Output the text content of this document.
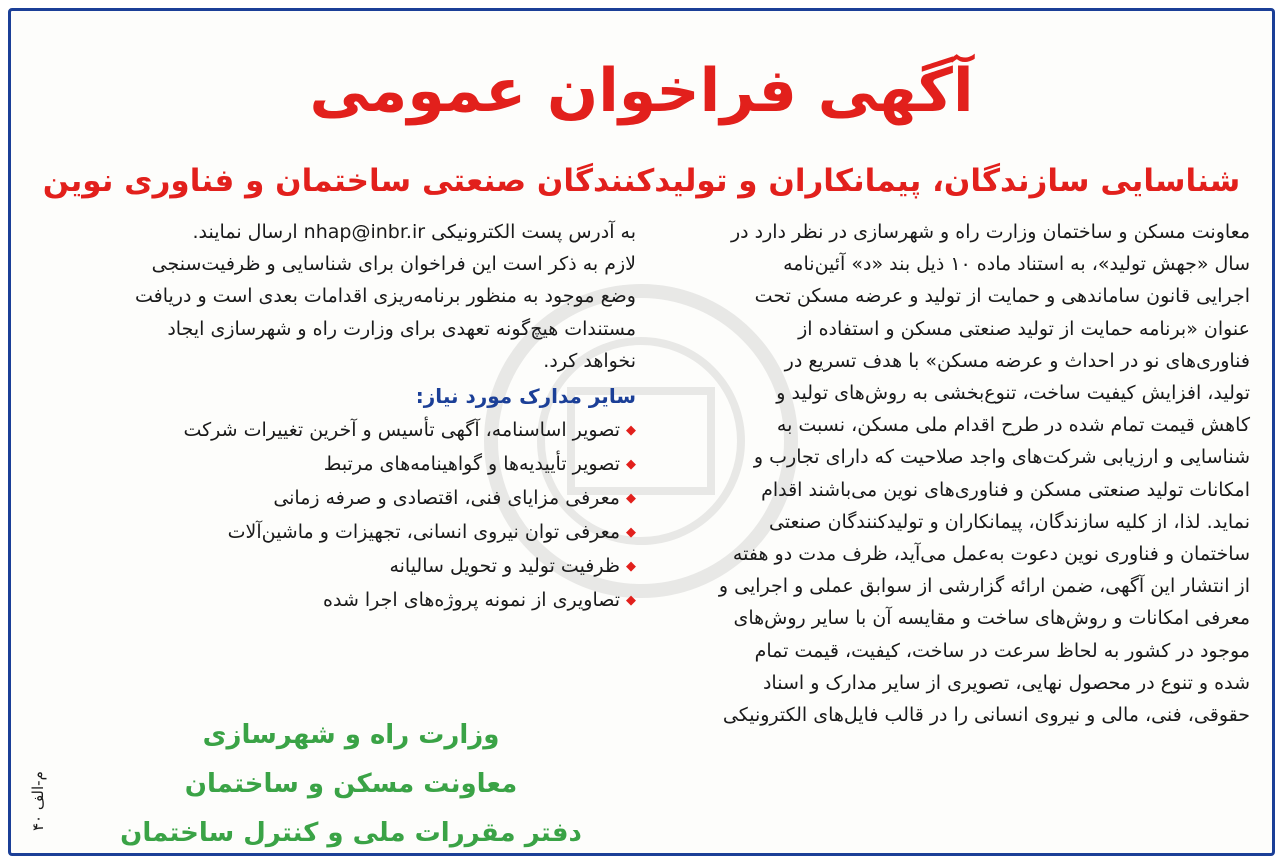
آگهی فراخوان عمومی
شناسایی سازندگان، پیمانکاران و تولیدکنندگان صنعتی ساختمان و فناوری نوین
معاونت مسکن و ساختمان وزارت راه و شهرسازی در نظر دارد در
سال «جهش تولید»، به استناد ماده ۱۰ ذیل بند «د» آئین‌نامه
اجرایی قانون ساماندهی و حمایت از تولید و عرضه مسکن تحت
عنوان «برنامه حمایت از تولید صنعتی مسکن و استفاده از
فناوری‌های نو در احداث و عرضه مسکن» با هدف تسریع در
تولید، افزایش کیفیت ساخت، تنوع‌بخشی به روش‌های تولید و
کاهش قیمت تمام شده در طرح اقدام ملی مسکن، نسبت به
شناسایی و ارزیابی شرکت‌های واجد صلاحیت که دارای تجارب و
امکانات تولید صنعتی مسکن و فناوری‌های نوین می‌باشند اقدام
نماید. لذا، از کلیه سازندگان، پیمانکاران و تولیدکنندگان صنعتی
ساختمان و فناوری نوین دعوت به‌عمل می‌آید، ظرف مدت دو هفته
از انتشار این آگهی، ضمن ارائه گزارشی از سوابق عملی و اجرایی و
معرفی امکانات و روش‌های ساخت و مقایسه آن با سایر روش‌های
موجود در کشور به لحاظ سرعت در ساخت، کیفیت، قیمت تمام
شده و تنوع در محصول نهایی، تصویری از سایر مدارک و اسناد
حقوقی، فنی، مالی و نیروی انسانی را در قالب فایل‌های الکترونیکی
به آدرس پست الکترونیکی nhap@inbr.ir ارسال نمایند.
لازم به ذکر است این فراخوان برای شناسایی و ظرفیت‌سنجی
وضع موجود به منظور برنامه‌ریزی اقدامات بعدی است و دریافت
مستندات هیچ‌گونه تعهدی برای وزارت راه و شهرسازی ایجاد
نخواهد کرد.
سایر مدارک مورد نیاز:
◆
تصویر اساسنامه، آگهی تأسیس و آخرین تغییرات شرکت
◆
تصویر تأییدیه‌ها و گواهینامه‌های مرتبط
◆
معرفی مزایای فنی، اقتصادی و صرفه زمانی
◆
معرفی توان نیروی انسانی، تجهیزات و ماشین‌آلات
◆
ظرفیت تولید و تحویل سالیانه
◆
تصاویری از نمونه پروژه‌های اجرا شده
وزارت راه و شهرسازی
معاونت مسکن و ساختمان
دفتر مقررات ملی و کنترل ساختمان
م-الف ۴۰
